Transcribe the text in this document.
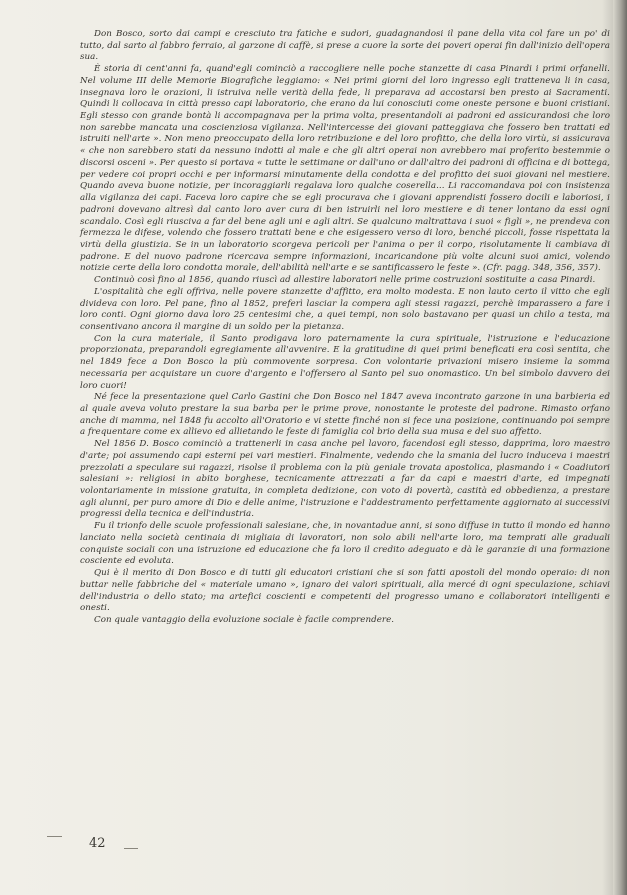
Don Bosco, sorto dai campi e cresciuto tra fatiche e sudori, guadagnandosi il pane della vita col fare un po' di tutto, dal sarto al fabbro ferraio, al garzone di caffè, si prese a cuore la sorte dei poveri operai fin dall'inizio dell'opera sua.

È storia di cent'anni fa, quand'egli cominciò a raccogliere nelle poche stanzette di casa Pinardi i primi orfanelli. Nel volume III delle Memorie Biografiche leggiamo: « Nei primi giorni del loro ingresso egli tratteneva li in casa, insegnava loro le orazioni, li istruiva nelle verità della fede, li preparava ad accostarsi ben presto ai Sacramenti. Quindi li collocava in città presso capi laboratorio, che erano da lui conosciuti come oneste persone e buoni cristiani. Egli stesso con grande bontà li accompagnava per la prima volta, presentandoli ai padroni ed assicurandosi che loro non sarebbe mancata una coscienziosa vigilanza. Nell'intercesse dei giovani patteggiava che fossero ben trattati ed istruiti nell'arte ». Non meno preoccupato della loro retribuzione e del loro profitto, che della loro virtù, si assicurava « che non sarebbero stati da nessuno indotti al male e che gli altri operai non avrebbero mai proferito bestemmie o discorsi osceni ». Per questo si portava « tutte le settimane or dall'uno or dall'altro dei padroni di officina e di bottega, per vedere coi propri occhi e per informarsi minutamente della condotta e del profitto dei suoi giovani nel mestiere. Quando aveva buone notizie, per incoraggiarli regalava loro qualche coserella... Li raccomandava poi con insistenza alla vigilanza dei capi. Faceva loro capire che se egli procurava che i giovani apprendisti fossero docili e laboriosi, i padroni dovevano altresì dal canto loro aver cura di ben istruirli nel loro mestiere e di tener lontano da essi ogni scandalo. Così egli riusciva a far del bene agli uni e agli altri. Se qualcuno maltrattava i suoi « figli », ne prendeva con fermezza le difese, volendo che fossero trattati bene e che esigessero verso di loro, benché piccoli, fosse rispettata la virtù della giustizia. Se in un laboratorio scorgeva pericoli per l'anima o per il corpo, risolutamente li cambiava di padrone. E del nuovo padrone ricercava sempre informazioni, incaricandone più volte alcuni suoi amici, volendo notizie certe della loro condotta morale, dell'abilità nell'arte e se santificassero le feste ». (Cfr. pagg. 348, 356, 357).

Continuò così fino al 1856, quando riuscì ad allestire laboratori nelle prime costruzioni sostituite a casa Pinardi.

L'ospitalità che egli offriva, nelle povere stanzette d'affitto, era molto modesta. E non lauto certo il vitto che egli divideva con loro. Pel pane, fino al 1852, preferì lasciar la compera agli stessi ragazzi, perchè imparassero a fare i loro conti. Ogni giorno dava loro 25 centesimi che, a quei tempi, non solo bastavano per quasi un chilo a testa, ma consentivano ancora il margine di un soldo per la pietanza.

Con la cura materiale, il Santo prodigava loro paternamente la cura spirituale, l'istruzione e l'educazione proporzionata, preparandoli egregiamente all'avvenire. E la gratitudine di quei primi beneficati era così sentita, che nel 1849 fece a Don Bosco la più commovente sorpresa. Con volontarie privazioni misero insieme la somma necessaria per acquistare un cuore d'argento e l'offersero al Santo pel suo onomastico. Un bel simbolo davvero dei loro cuori!

Né fece la presentazione quel Carlo Gastini che Don Bosco nel 1847 aveva incontrato garzone in una barbieria ed al quale aveva voluto prestare la sua barba per le prime prove, nonostante le proteste del padrone. Rimasto orfano anche di mamma, nel 1848 fu accolto all'Oratorio e vi stette finché non si fece una posizione, continuando poi sempre a frequentare come ex allievo ed allietando le feste di famiglia col brio della sua musa e del suo affetto.

Nel 1856 D. Bosco cominciò a trattenerli in casa anche pel lavoro, facendosi egli stesso, dapprima, loro maestro d'arte; poi assumendo capi esterni pei vari mestieri. Finalmente, vedendo che la smania del lucro induceva i maestri prezzolati a speculare sui ragazzi, risolse il problema con la più geniale trovata apostolica, plasmando i « Coadiutori salesiani »: religiosi in abito borghese, tecnicamente attrezzati a far da capi e maestri d'arte, ed impegnati volontariamente in missione gratuita, in completa dedizione, con voto di povertà, castità ed obbedienza, a prestare agli alunni, per puro amore di Dio e delle anime, l'istruzione e l'addestramento perfettamente aggiornato ai successivi progressi della tecnica e dell'industria.

Fu il trionfo delle scuole professionali salesiane, che, in novantadue anni, si sono diffuse in tutto il mondo ed hanno lanciato nella società centinaia di migliaia di lavoratori, non solo abili nell'arte loro, ma temprati alle graduali conquiste sociali con una istruzione ed educazione che fa loro il credito adeguato e dà le garanzie di una formazione cosciente ed evoluta.

Qui è il merito di Don Bosco e di tutti gli educatori cristiani che si son fatti apostoli del mondo operaio: di non buttar nelle fabbriche del « materiale umano », ignaro dei valori spirituali, alla mercé di ogni speculazione, schiavi dell'industria o dello stato; ma artefici coscienti e competenti del progresso umano e collaboratori intelligenti e onesti.

Con quale vantaggio della evoluzione sociale è facile comprendere.

42
